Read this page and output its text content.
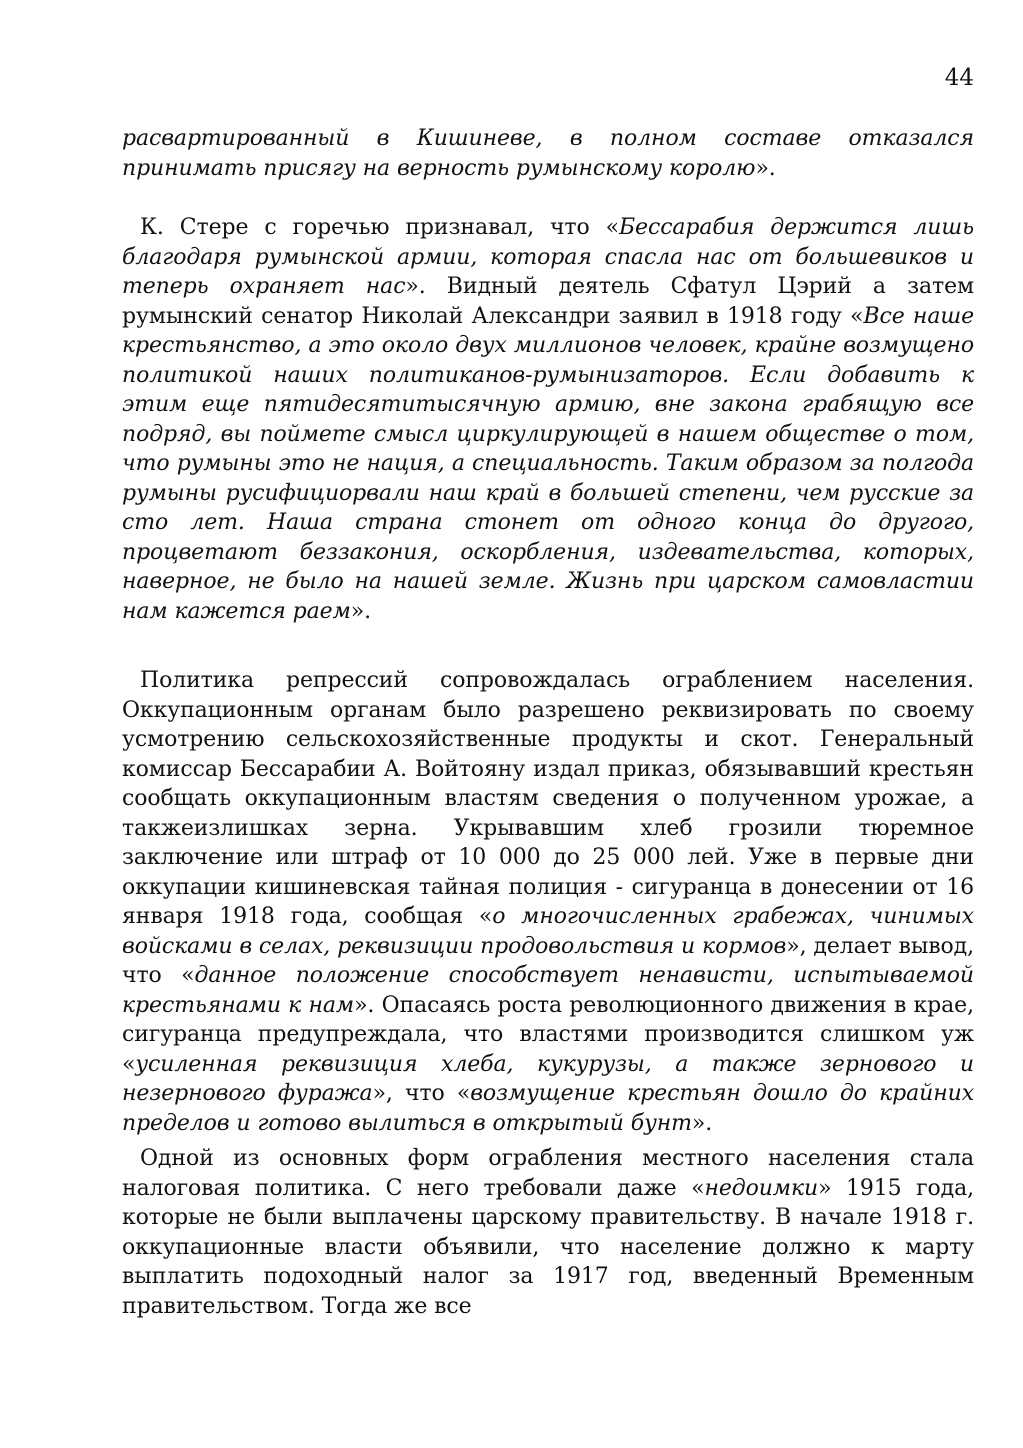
44

расвартированный в Кишиневе, в полном составе отказался принимать присягу на верность румынскому королю».

К. Стере с горечью признавал, что «Бессарабия держится лишь благодаря румынской армии, которая спасла нас от большевиков и теперь охраняет нас». Видный деятель Сфатул Цэрий а затем румынский сенатор Николай Александри заявил в 1918 году «Все наше крестьянство, а это около двух миллионов человек, крайне возмущено политикой наших политиканов-румынизаторов. Если добавить к этим еще пятидесятитысячную армию, вне закона грабящую все подряд, вы поймете смысл циркулирующей в нашем обществе о том, что румыны это не нация, а специальность. Таким образом за полгода румыны русифициорвали наш край в большей степени, чем русские за сто лет. Наша страна стонет от одного конца до другого, процветают беззакония, оскорбления, издевательства, которых, наверное, не было на нашей земле. Жизнь при царском самовластии нам кажется раем».

Политика репрессий сопровождалась ограблением населения. Оккупационным органам было разрешено реквизировать по своему усмотрению сельскохозяйственные продукты и скот. Генеральный комиссар Бессарабии А. Войтояну издал приказ, обязывавший крестьян сообщать оккупационным властям сведения о полученном урожае, а такжеизлишках зерна. Укрывавшим хлеб грозили тюремное заключение или штраф от 10 000 до 25 000 лей. Уже в первые дни оккупации кишиневская тайная полиция - сигуранца в донесении от 16 января 1918 года, сообщая «о многочисленных грабежах, чинимых войсками в селах, реквизиции продовольствия и кормов», делает вывод, что «данное положение способствует ненависти, испытываемой крестьянами к нам». Опасаясь роста революционного движения в крае, сигуранца предупреждала, что властями производится слишком уж «усиленная реквизиция хлеба, кукурузы, а также зернового и незернового фуража», что «возмущение крестьян дошло до крайних пределов и готово вылиться в открытый бунт».

Одной из основных форм ограбления местного населения стала налоговая политика. С него требовали даже «недоимки» 1915 года, которые не были выплачены царскому правительству. В начале 1918 г. оккупационные власти объявили, что население должно к марту выплатить подоходный налог за 1917 год, введенный Временным правительством. Тогда же все
